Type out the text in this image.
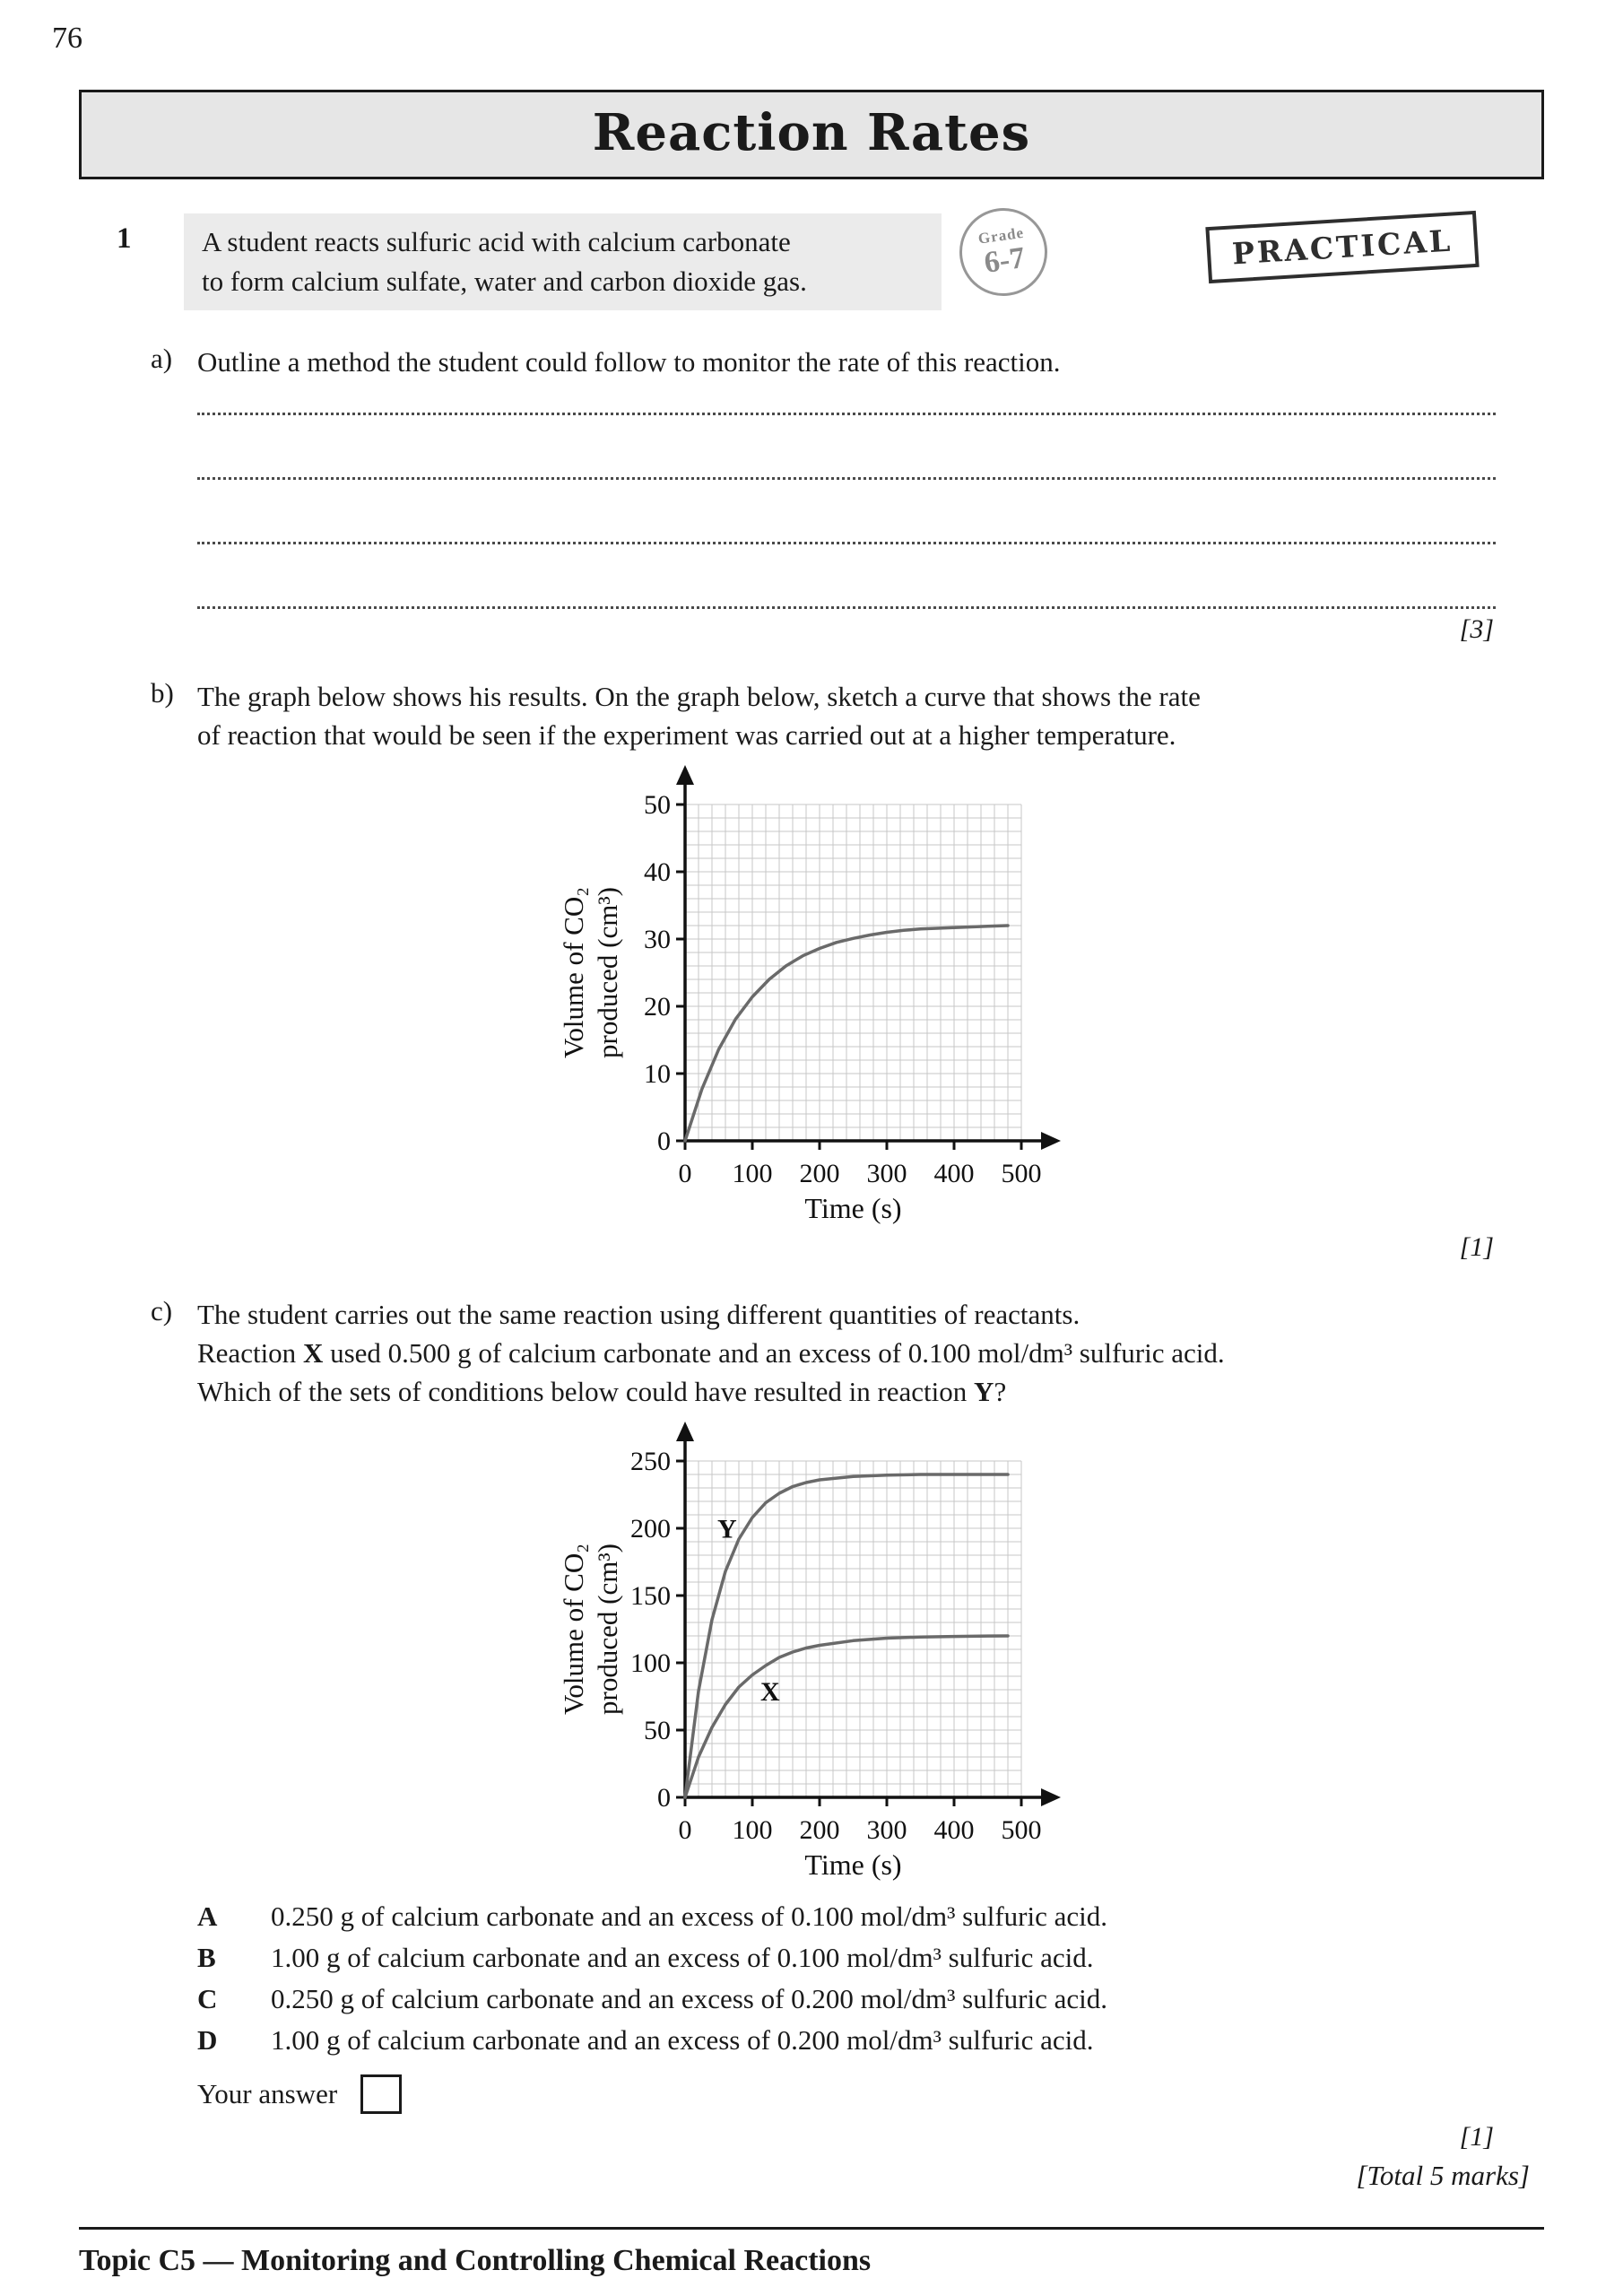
76
Reaction Rates
1	A student reacts sulfuric acid with calcium carbonate
to form calcium sulfate, water and carbon dioxide gas.
Grade
6-7	PRACTICAL
a) Outline a method the student could follow to monitor the rate of this reaction.

[3]
b) The graph below shows his results. On the graph below, sketch a curve that shows the rate
of reaction that would be seen if the experiment was carried out at a higher temperature.

0
10
20
30
40
50
0 100 200 300 400 500
Time (s)
Volume of CO₂ produced (cm³)
[1]
c) The student carries out the same reaction using different quantities of reactants.
Reaction X used 0.500 g of calcium carbonate and an excess of 0.100 mol/dm³ sulfuric acid.
Which of the sets of conditions below could have resulted in reaction Y?

0
50
100
150
200
250
0 100 200 300 400 500
Time (s)
Volume of CO₂ produced (cm³)
Y
X
A	0.250 g of calcium carbonate and an excess of 0.100 mol/dm³ sulfuric acid.
B	1.00 g of calcium carbonate and an excess of 0.100 mol/dm³ sulfuric acid.
C	0.250 g of calcium carbonate and an excess of 0.200 mol/dm³ sulfuric acid.
D	1.00 g of calcium carbonate and an excess of 0.200 mol/dm³ sulfuric acid.
Your answer
[1]
[Total 5 marks]
Topic C5 — Monitoring and Controlling Chemical Reactions
